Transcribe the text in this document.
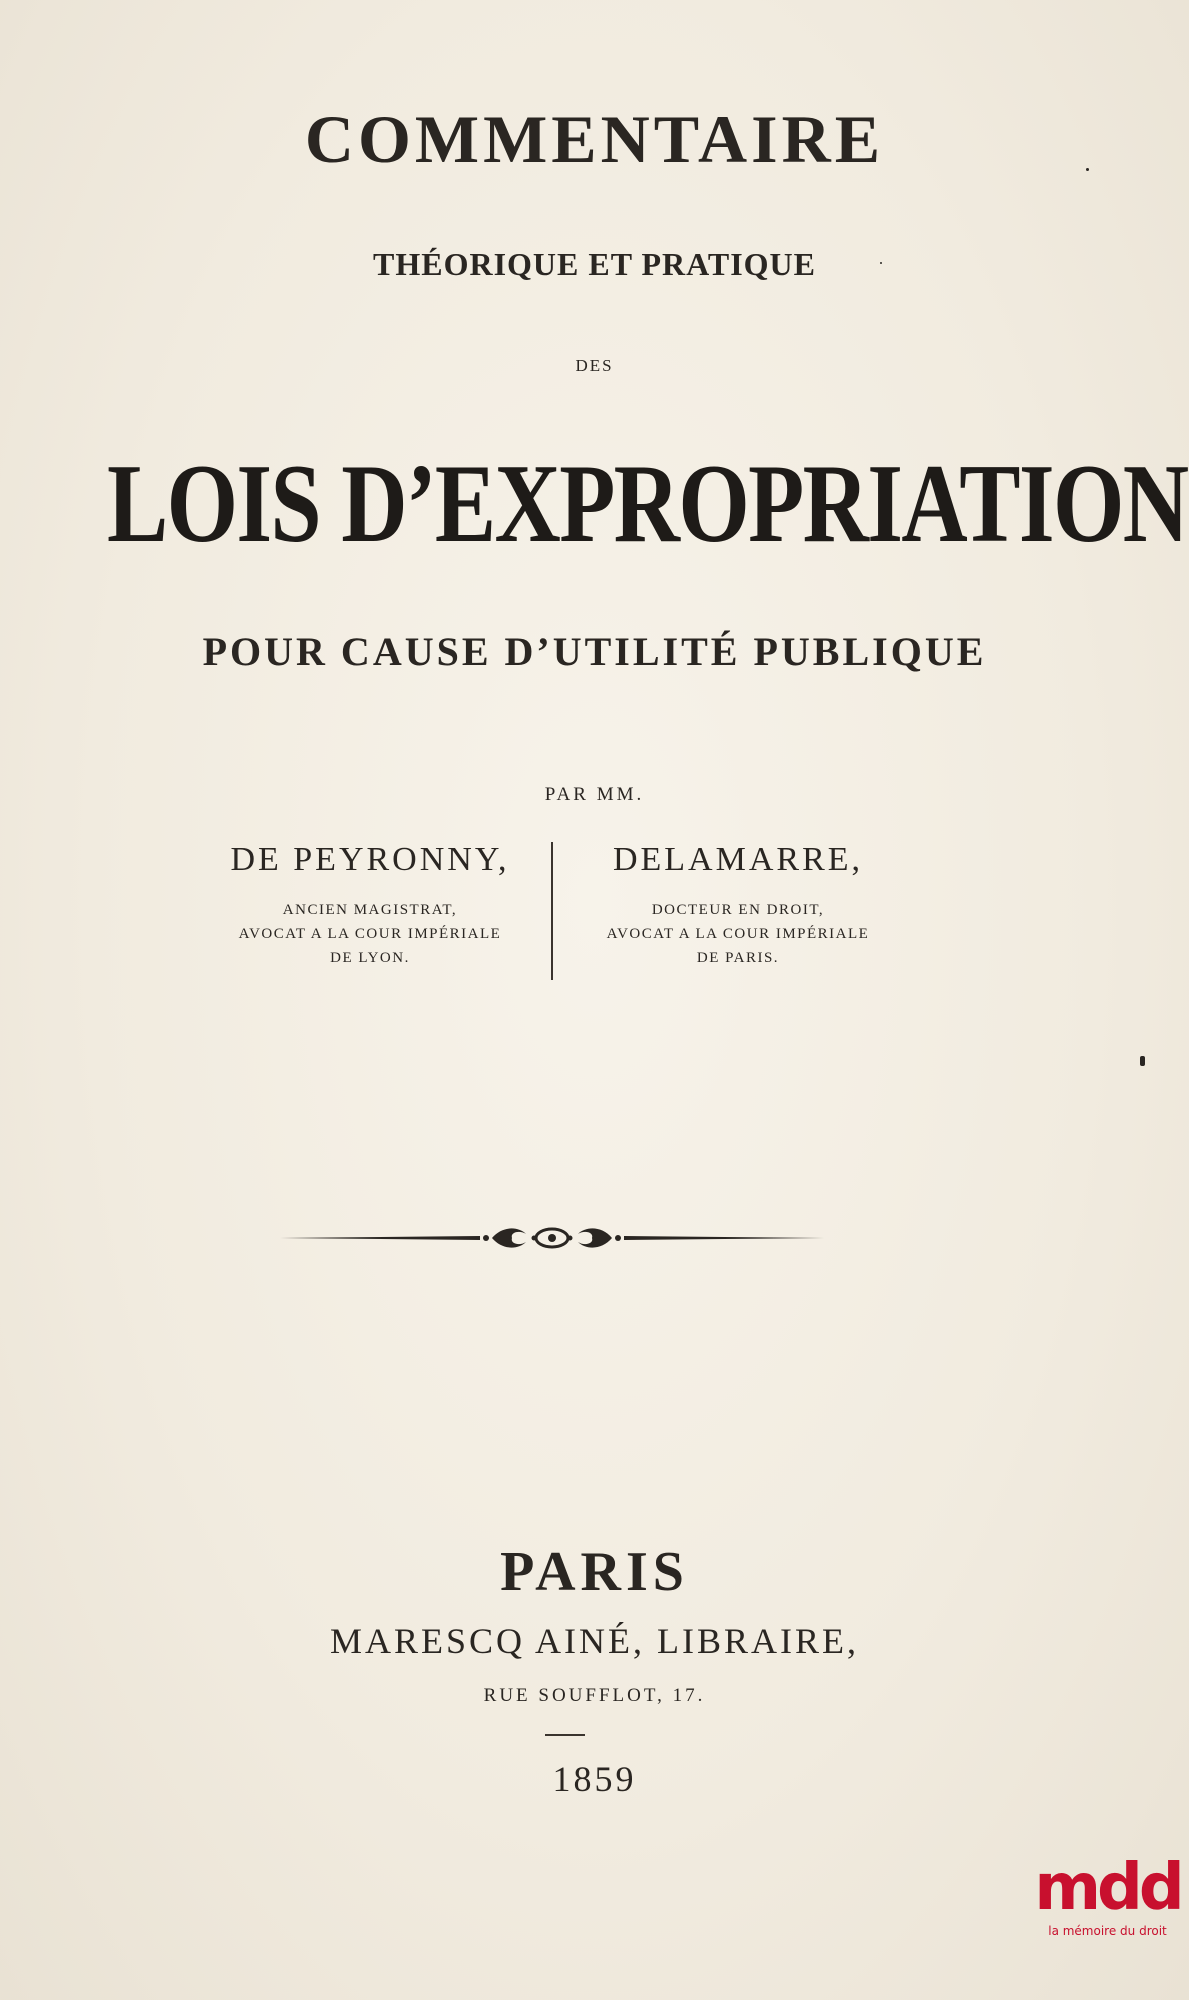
COMMENTAIRE
THÉORIQUE ET PRATIQUE
DES
LOIS D’EXPROPRIATION
POUR CAUSE D’UTILITÉ PUBLIQUE
PAR MM.
DE PEYRONNY,
ANCIEN MAGISTRAT,
AVOCAT A LA COUR IMPÉRIALE
DE LYON.
DELAMARRE,
DOCTEUR EN DROIT,
AVOCAT A LA COUR IMPÉRIALE
DE PARIS.
PARIS
MARESCQ AINÉ, LIBRAIRE,
RUE SOUFFLOT, 17.
1859
mdd
la mémoire du droit
